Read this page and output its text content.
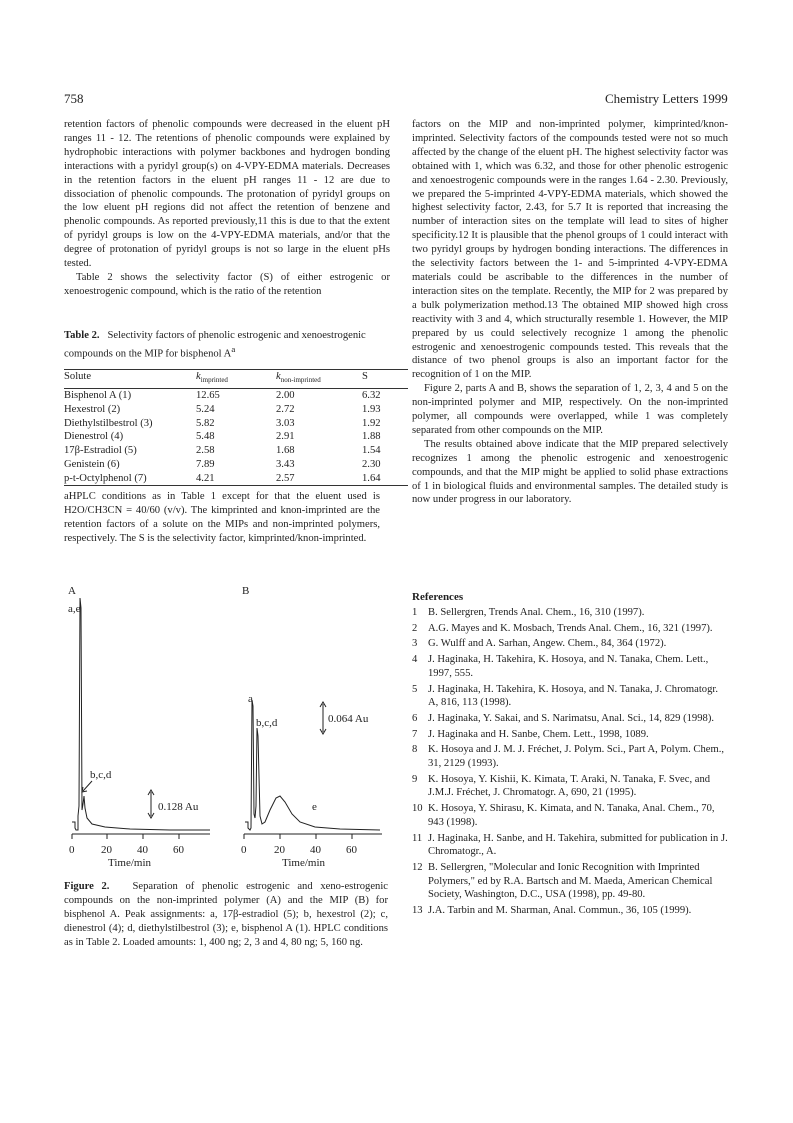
758	Chemistry Letters 1999

retention factors of phenolic compounds were decreased in the eluent pH ranges 11 - 12. The retentions of phenolic compounds were explained by hydrophobic interactions with polymer backbones and hydrogen bonding interactions with a pyridyl group(s) on 4-VPY-EDMA materials. Decreases in the retention factors in the eluent pH ranges 11 - 12 are due to dissociation of phenolic compounds. The protonation of pyridyl groups on the low eluent pH regions did not affect the retention of benzene and phenolic compounds. As reported previously,11 this is due to that the extent of pyridyl groups is low on the 4-VPY-EDMA materials, and/or that the degree of protonation of pyridyl groups is not so large in the eluent pHs tested.

Table 2 shows the selectivity factor (S) of either estrogenic or xenoestrogenic compound, which is the ratio of the retention

Table 2. Selectivity factors of phenolic estrogenic and xenoestrogenic compounds on the MIP for bisphenol $A^a$
Solute	$k_{imprinted}$	$k_{non-imprinted}$	S
Bisphenol A (1)	12.65	2.00	6.32
Hexestrol (2)	5.24	2.72	1.93
Diethylstilbestrol (3)	5.82	3.03	1.92
Dienestrol (4)	5.48	2.91	1.88
17β-Estradiol (5)	2.58	1.68	1.54
Genistein (6)	7.89	3.43	2.30
p-t-Octylphenol (7)	4.21	2.57	1.64
aHPLC conditions as in Table 1 except for that the eluent used is H2O/CH3CN = 40/60 (v/v). The kimprinted and knon-imprinted are the retention factors of a solute on the MIPs and non-imprinted polymers, respectively. The S is the selectivity factor, kimprinted/knon-imprinted.
A	B
a,e
b,c,d
0.128 Au
a
b,c,d
e
0.064 Au
0 20 40 60	0	20 40 60
Time/min	Time/min
Figure 2. Separation of phenolic estrogenic and xeno-estrogenic compounds on the non-imprinted polymer (A) and the MIP (B) for bisphenol A. Peak assignments: a, 17β-estradiol (5); b, hexestrol (2); c, dienestrol (4); d, diethylstilbestrol (3); e, bisphenol A (1). HPLC conditions as in Table 2. Loaded amounts: 1, 400 ng; 2, 3 and 4, 80 ng; 5, 160 ng.

factors on the MIP and non-imprinted polymer, kimprinted/knon-imprinted. Selectivity factors of the compounds tested were not so much affected by the change of the eluent pH. The highest selectivity factor was obtained with 1, which was 6.32, and those for other phenolic estrogenic and xenoestrogenic compounds were in the ranges 1.64 - 2.30. Previously, we prepared the 5-imprinted 4-VPY-EDMA materials, which showed the highest selectivity factor, 2.43, for 5.7 It is reported that increasing the number of interaction sites on the template will lead to sites of higher specificity.12 It is plausible that the phenol groups of 1 could interact with two pyridyl groups by hydrogen bonding interactions. The differences in the selectivity factors between the 1- and 5-imprinted 4-VPY-EDMA materials could be ascribable to the differences in the number of interaction sites on the template. Recently, the MIP for 2 was prepared by a bulk polymerization method.13 The obtained MIP showed high cross reactivity with 3 and 4, which structurally resemble 1. However, the MIP prepared by us could selectively recognize 1 among the phenolic estrogenic and xenoestrogenic compounds tested. This reveals that the distance of two phenol groups is also an important factor for the recognition of 1 on the MIP.

Figure 2, parts A and B, shows the separation of 1, 2, 3, 4 and 5 on the non-imprinted polymer and MIP, respectively. On the non-imprinted polymer, all compounds were overlapped, while 1 was completely separated from other compounds on the MIP.

The results obtained above indicate that the MIP prepared selectively recognizes 1 among the phenolic estrogenic and xenoestrogenic compounds, and that the MIP might be applied to solid phase extractions of 1 in biological fluids and environmental samples. The detailed study is now under progress in our laboratory.

References
1	B. Sellergren, Trends Anal. Chem., 16, 310 (1997).
2	A.G. Mayes and K. Mosbach, Trends Anal. Chem., 16, 321 (1997).
3	G. Wulff and A. Sarhan, Angew. Chem., 84, 364 (1972).
4	J. Haginaka, H. Takehira, K. Hosoya, and N. Tanaka, Chem. Lett., 1997, 555.
5	J. Haginaka, H. Takehira, K. Hosoya, and N. Tanaka, J. Chromatogr. A, 816, 113 (1998).
6	J. Haginaka, Y. Sakai, and S. Narimatsu, Anal. Sci., 14, 829 (1998).
7	J. Haginaka and H. Sanbe, Chem. Lett., 1998, 1089.
8	K. Hosoya and J. M. J. Fréchet, J. Polym. Sci., Part A, Polym. Chem., 31, 2129 (1993).
9	K. Hosoya, Y. Kishii, K. Kimata, T. Araki, N. Tanaka, F. Svec, and J.M.J. Fréchet, J. Chromatogr. A, 690, 21 (1995).
10 K. Hosoya, Y. Shirasu, K. Kimata, and N. Tanaka, Anal. Chem., 70, 943 (1998).
11 J. Haginaka, H. Sanbe, and H. Takehira, submitted for publication in J. Chromatogr., A.
12 B. Sellergren, "Molecular and Ionic Recognition with Imprinted Polymers," ed by R.A. Bartsch and M. Maeda, American Chemical Society, Washington, D.C., USA (1998), pp. 49-80.
13 J.A. Tarbin and M. Sharman, Anal. Commun., 36, 105 (1999).
